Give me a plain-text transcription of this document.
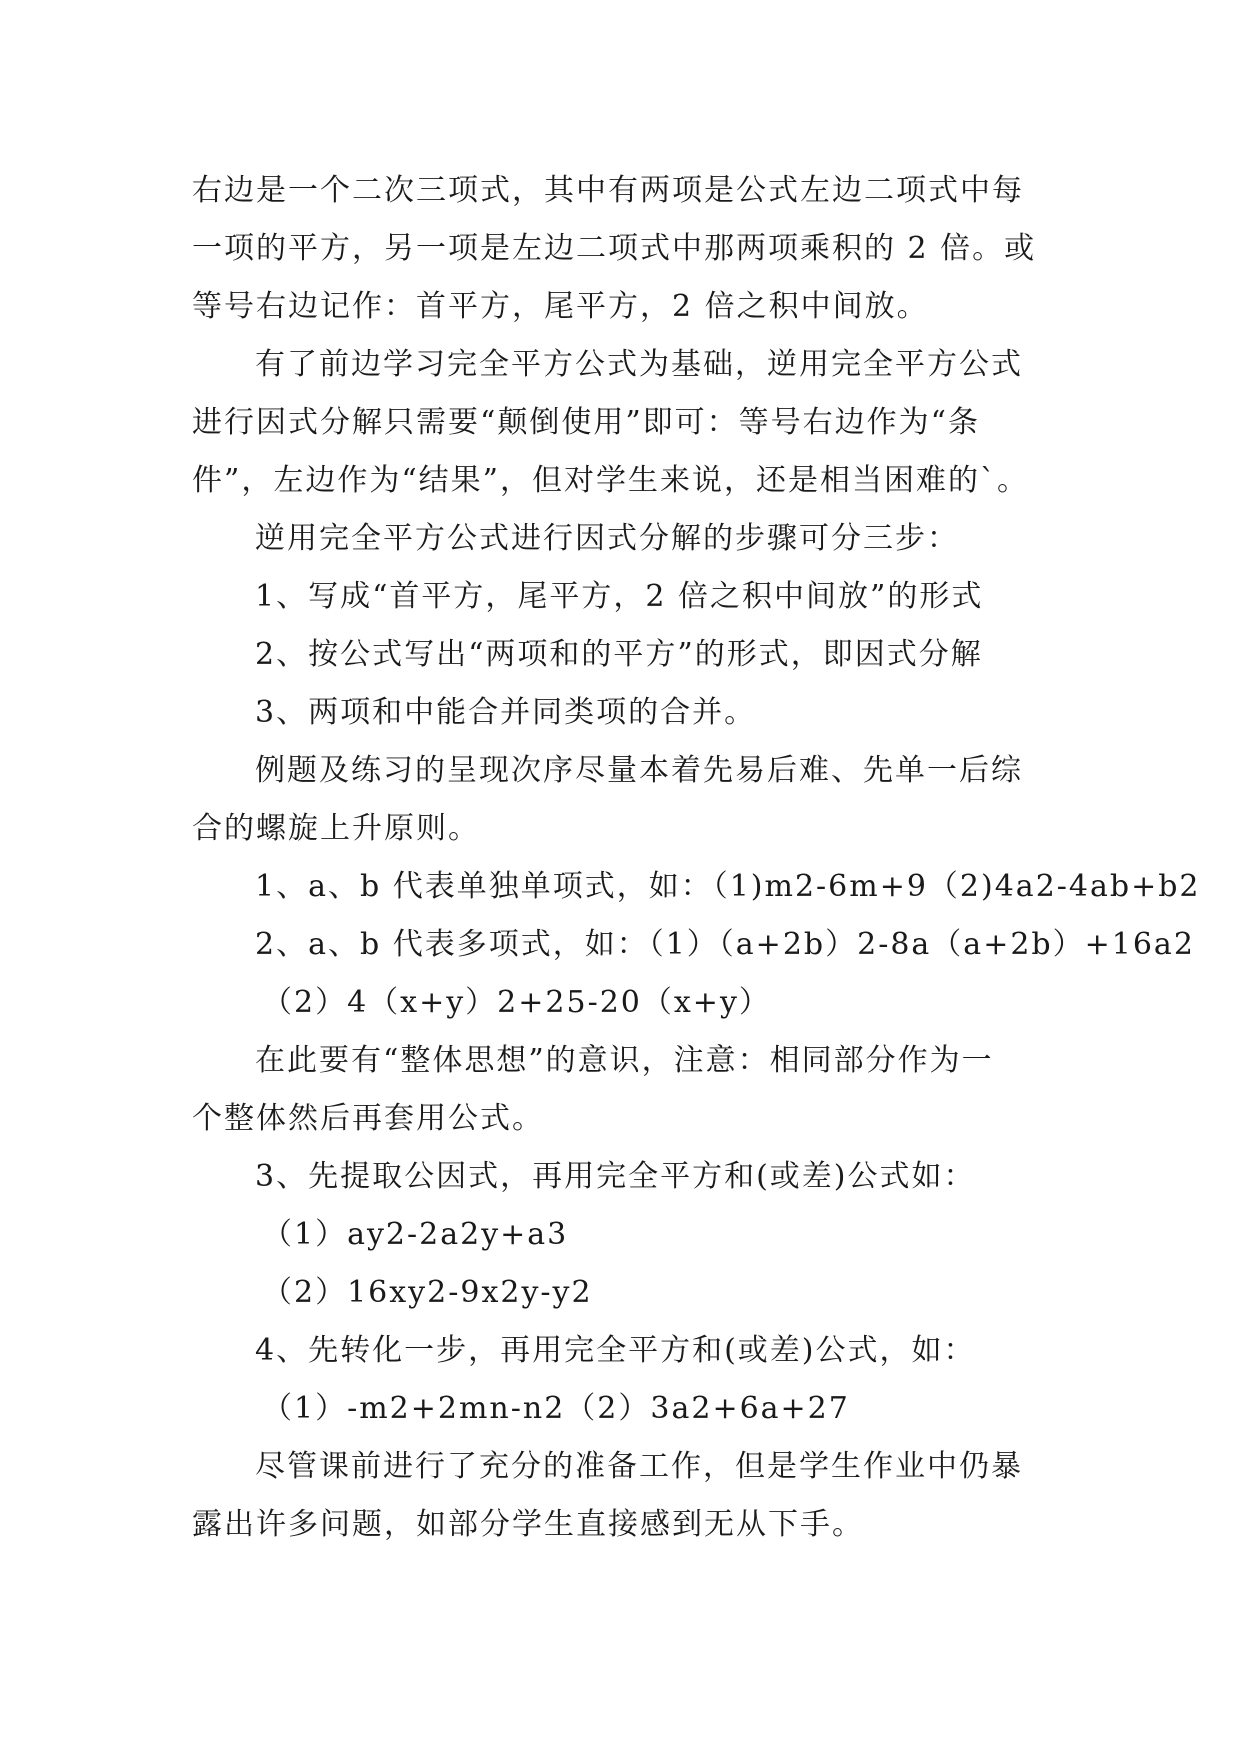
右边是一个二次三项式，其中有两项是公式左边二项式中每
一项的平方，另一项是左边二项式中那两项乘积的 2 倍。或
等号右边记作：首平方，尾平方，2 倍之积中间放。
有了前边学习完全平方公式为基础，逆用完全平方公式
进行因式分解只需要“颠倒使用”即可：等号右边作为“条
件”，左边作为“结果”，但对学生来说，还是相当困难的`。
逆用完全平方公式进行因式分解的步骤可分三步：
1、写成“首平方，尾平方，2 倍之积中间放”的形式
2、按公式写出“两项和的平方”的形式，即因式分解
3、两项和中能合并同类项的合并。
例题及练习的呈现次序尽量本着先易后难、先单一后综
合的螺旋上升原则。
1、a、b 代表单独单项式，如：（1)m2-6m+9（2)4a2-4ab+b2
2、a、b 代表多项式，如：（1）（a+2b）2-8a（a+2b）+16a2
（2）4（x+y）2+25-20（x+y）
在此要有“整体思想”的意识，注意：相同部分作为一
个整体然后再套用公式。
3、先提取公因式，再用完全平方和(或差)公式如：
（1）ay2-2a2y+a3
（2）16xy2-9x2y-y2
4、先转化一步，再用完全平方和(或差)公式，如：
（1）-m2+2mn-n2（2）3a2+6a+27
尽管课前进行了充分的准备工作，但是学生作业中仍暴
露出许多问题，如部分学生直接感到无从下手。
